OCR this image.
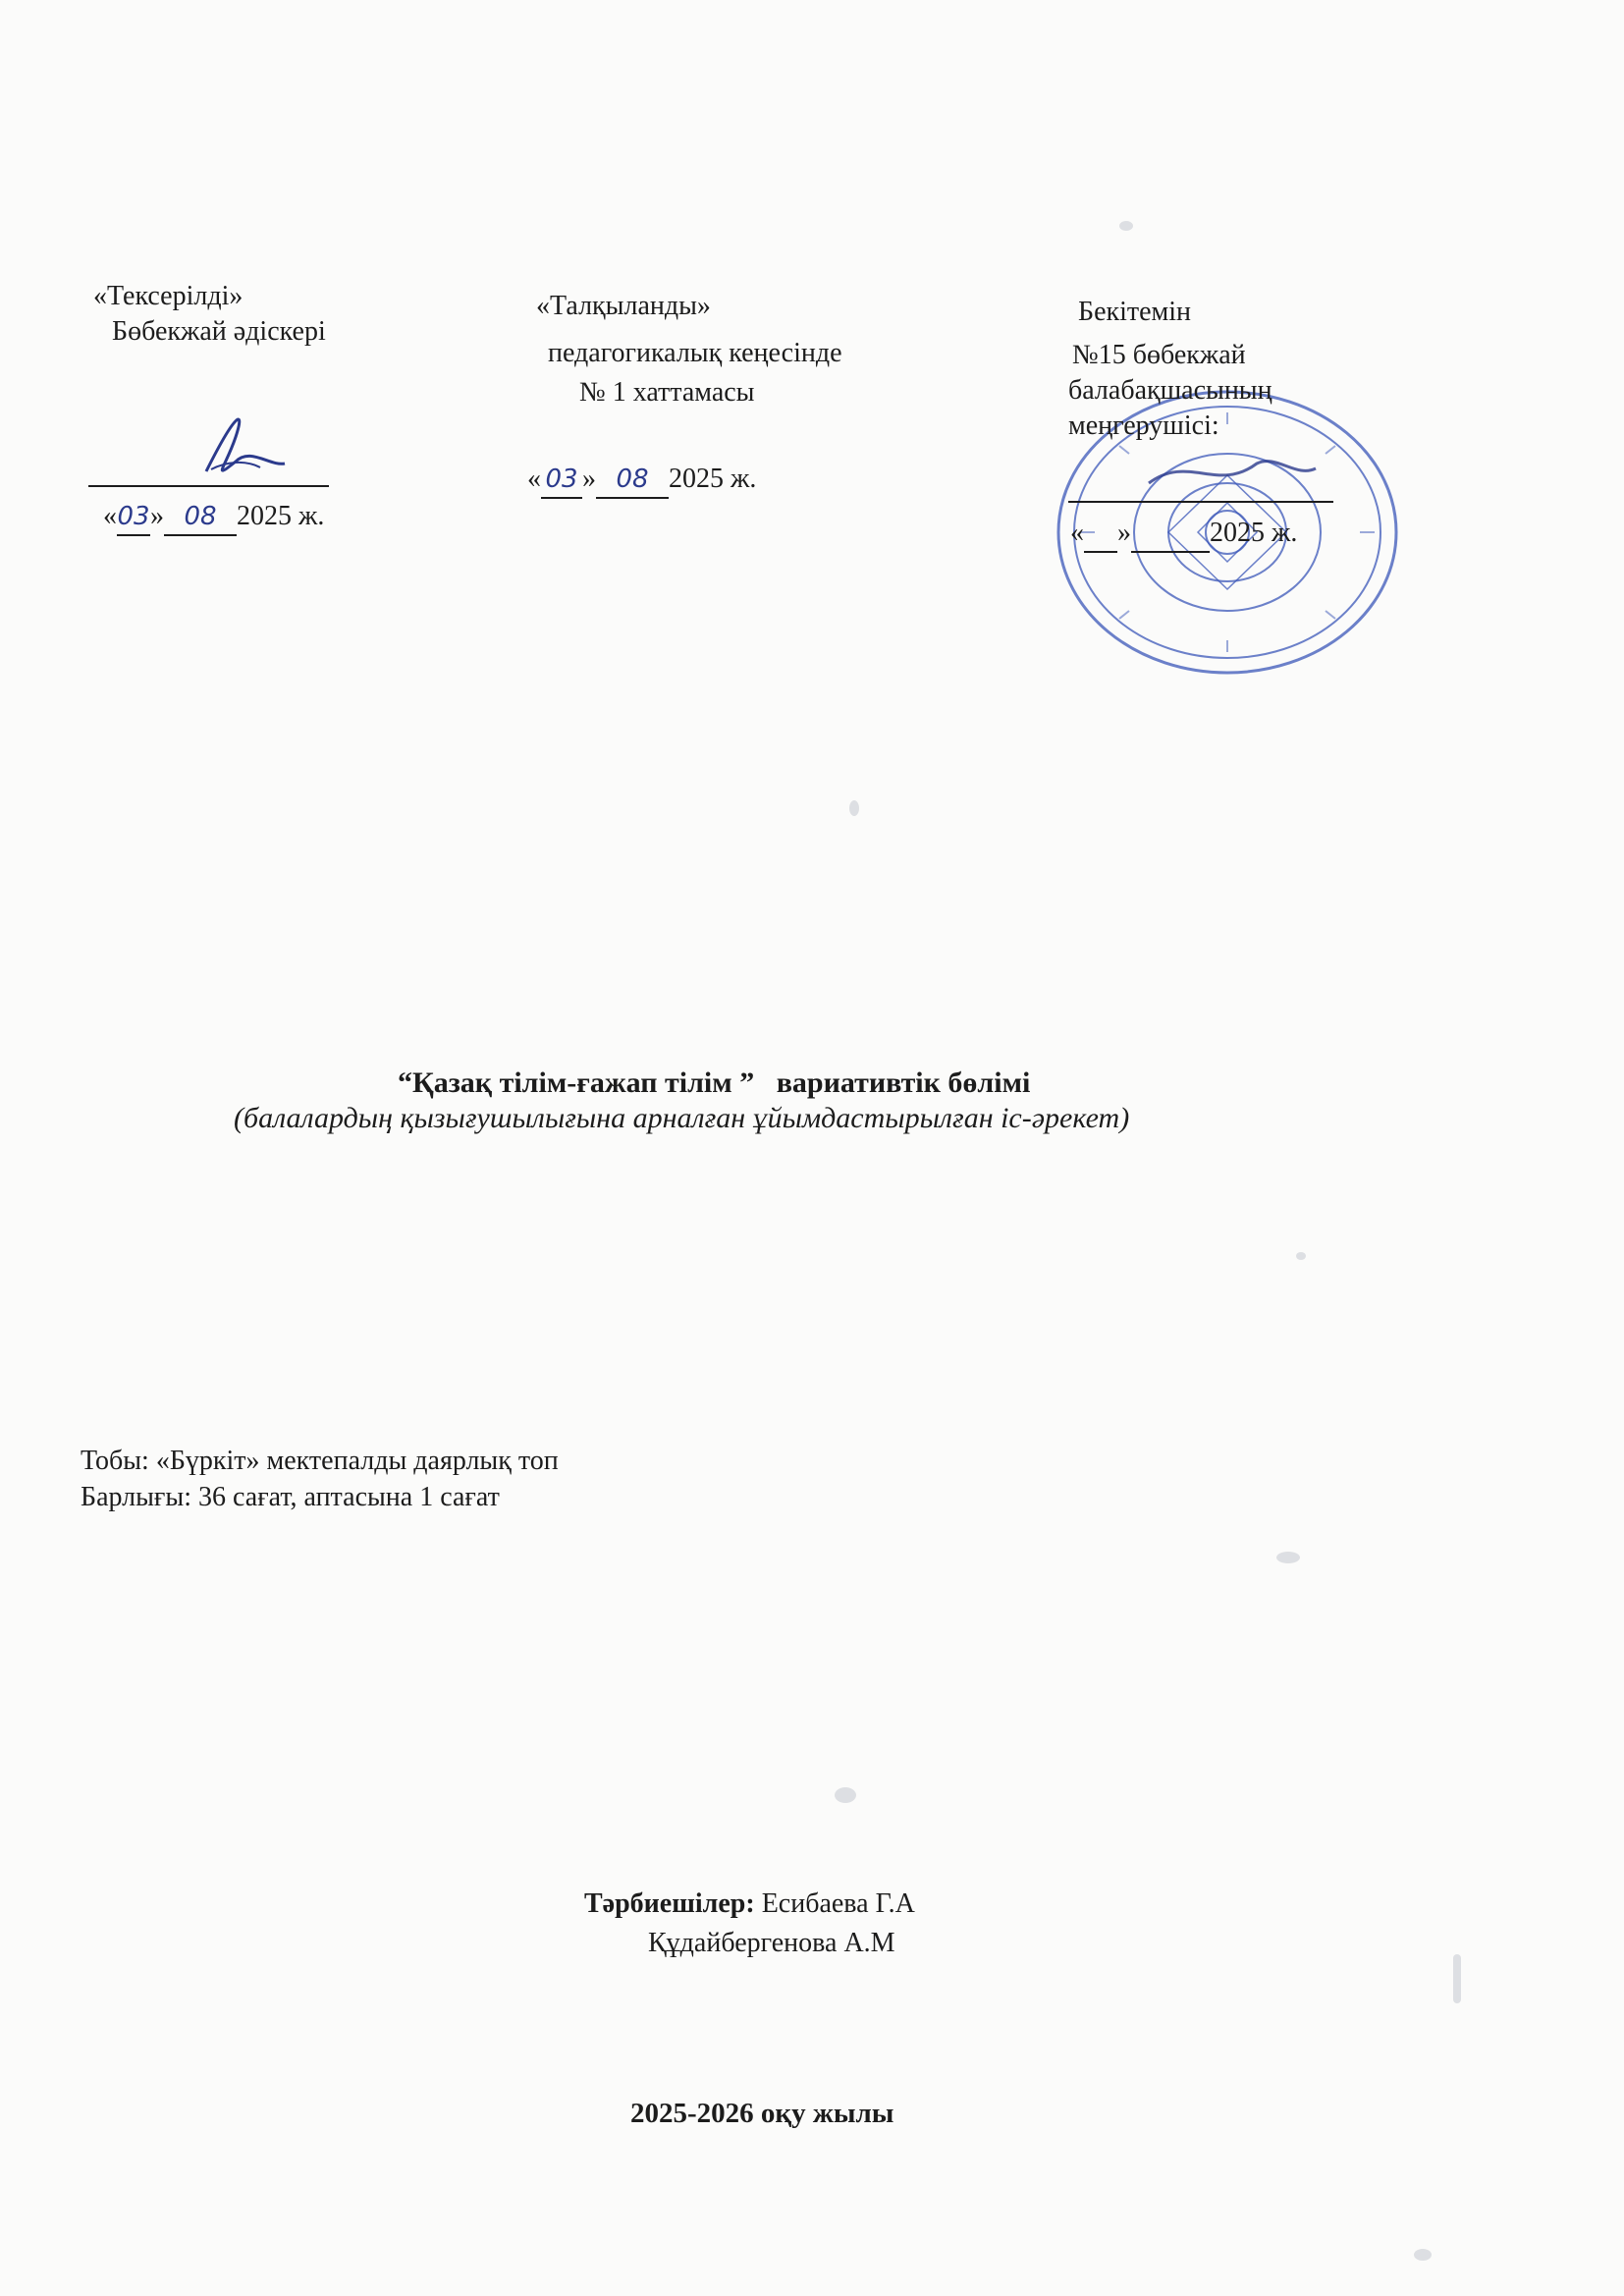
«Тексерілді»
Бөбекжай әдіскері
«03» 08 2025 ж.
«Талқыланды»
педагогикалық кеңесінде
№ 1 хаттамасы
« 03 » 08 2025 ж.
Бекітемін
№15 бөбекжай
балабақшасының
меңгерушісі:
« »	2025 ж.
“Қазақ тілім-ғажап тілім ” вариативтік бөлімі
(балалардың қызығушылығына арналған ұйымдастырылған іс-әрекет)
Тобы: «Бүркіт» мектепалды даярлық топ
Барлығы: 36 сағат, аптасына 1 сағат
Тәрбиешілер: Есибаева Г.А
Құдайбергенова А.М
2025-2026 оқу жылы
